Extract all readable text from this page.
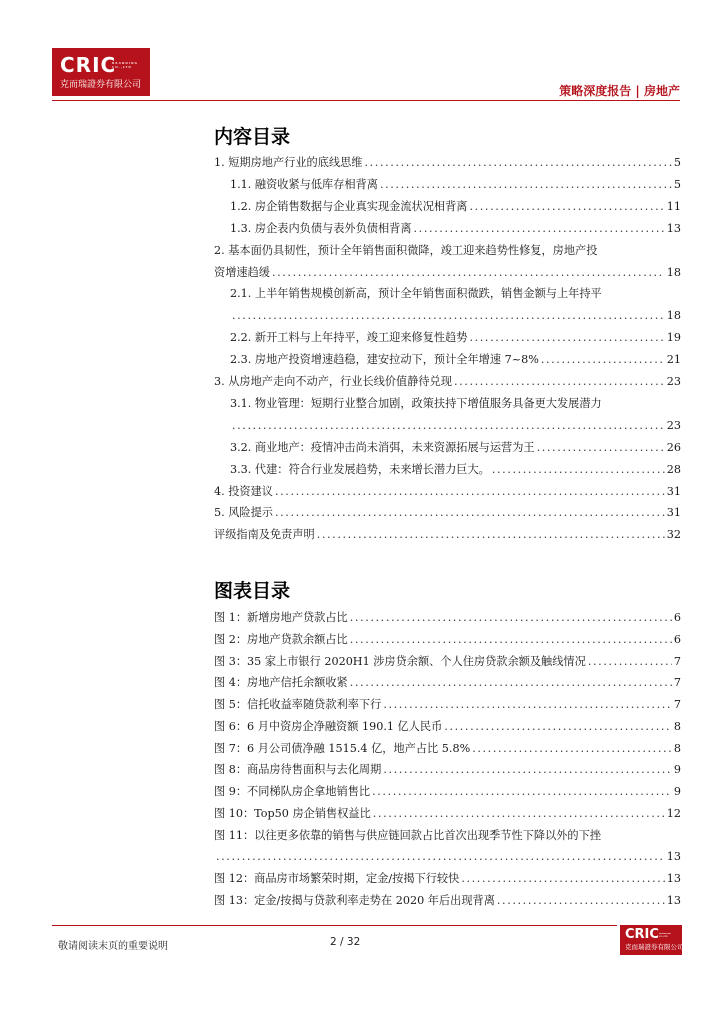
CRIC
BRANDING CO.,LTD
克而瑞證券有限公司	策略深度报告 | 房地产
内容目录
1. 短期房地产行业的底线思维 .....	5
1.1. 融资收紧与低库存相背离 .....	5
1.2. 房企销售数据与企业真实现金流状况相背离 .....	11
1.3. 房企表内负债与表外负债相背离 .....	13
2. 基本面仍具韧性，预计全年销售面积微降，竣工迎来趋势性修复，房地产投
资增速趋缓 .....	18
2.1. 上半年销售规模创新高，预计全年销售面积微跌，销售金额与上年持平
.....
18
2.2. 新开工料与上年持平，竣工迎来修复性趋势 .....	19
2.3. 房地产投资增速趋稳，建安拉动下，预计全年增速 7~8% .....	21
3. 从房地产走向不动产，行业长线价值静待兑现 .....	23
3.1. 物业管理：短期行业整合加剧，政策扶持下增值服务具备更大发展潜力
.....
23
3.2. 商业地产：疫情冲击尚未消弭，未来资源拓展与运营为王 .....	26
3.3. 代建：符合行业发展趋势，未来增长潜力巨大。 .....	28
4. 投资建议 .....	31
5. 风险提示 .....	31
评级指南及免责声明 .....	32
图表目录
图 1：新增房地产贷款占比 .....	6
图 2：房地产贷款余额占比 .....	6
图 3：35 家上市银行 2020H1 涉房贷余额、个人住房贷款余额及触线情况 .....	7
图 4：房地产信托余额收紧 .....	7
图 5：信托收益率随贷款利率下行 .....	7
图 6：6 月中资房企净融资额 190.1 亿人民币 .....	8
图 7：6 月公司债净融 1515.4 亿，地产占比 5.8% .....	8
图 8：商品房待售面积与去化周期 .....	9
图 9：不同梯队房企拿地销售比 .....	9
图 10：Top50 房企销售权益比 .....	12
图 11：以往更多依靠的销售与供应链回款占比首次出现季节性下降以外的下挫
.....
13
图 12：商品房市场繁荣时期，定金/按揭下行较快 .....	13
图 13：定金/按揭与贷款利率走势在 2020 年后出现背离 .....	13
敬请阅读末页的重要说明	2 / 32	CRIC BRANDING CO.,LTD
克而瑞證券有限公司
